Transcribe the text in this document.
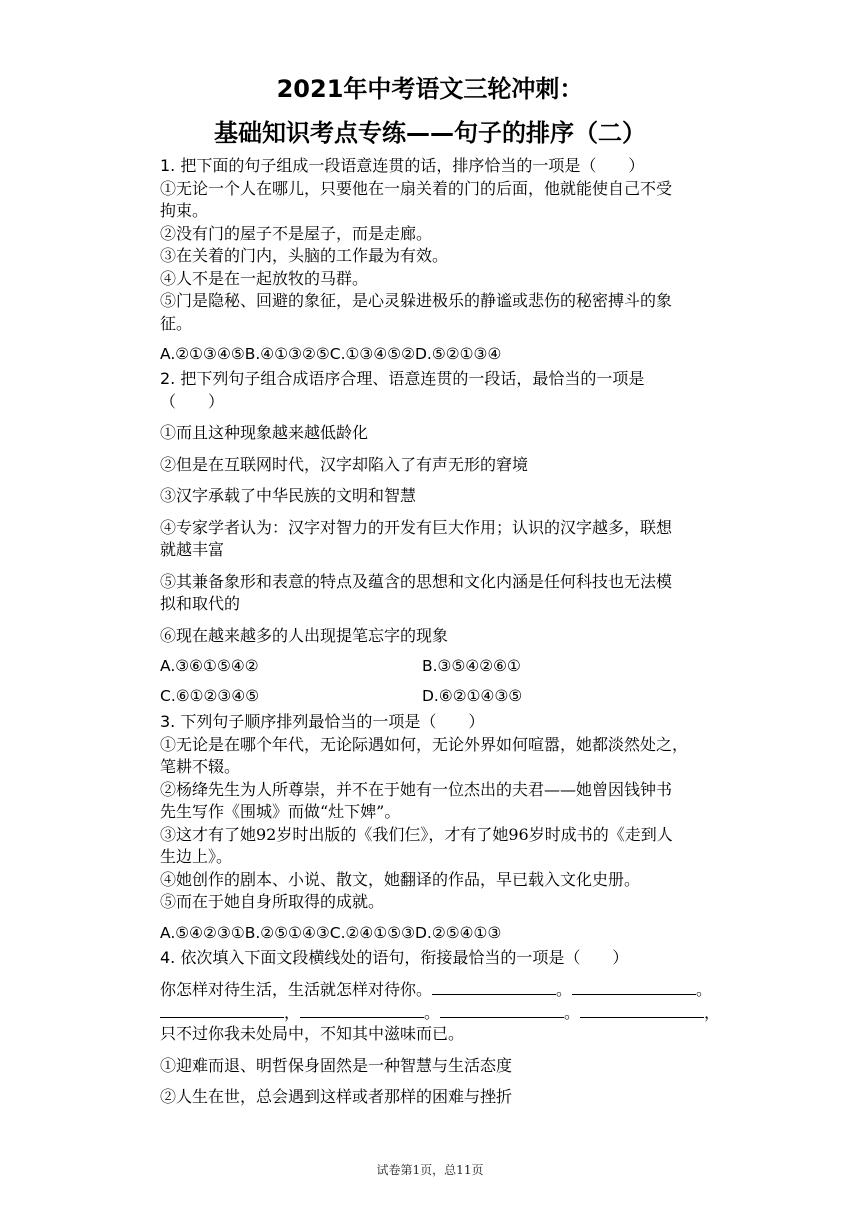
2021年中考语文三轮冲刺：
基础知识考点专练——句子的排序（二）
1. 把下面的句子组成一段语意连贯的话，排序恰当的一项是（　　）
①无论一个人在哪儿，只要他在一扇关着的门的后面，他就能使自己不受
拘束。
②没有门的屋子不是屋子，而是走廊。
③在关着的门内，头脑的工作最为有效。
④人不是在一起放牧的马群。
⑤门是隐秘、回避的象征，是心灵躲进极乐的静谧或悲伤的秘密搏斗的象
征。
A.②①③④⑤B.④①③②⑤C.①③④⑤②D.⑤②①③④
2. 把下列句子组合成语序合理、语意连贯的一段话，最恰当的一项是
（　　）
①而且这种现象越来越低龄化
②但是在互联网时代，汉字却陷入了有声无形的窘境
③汉字承载了中华民族的文明和智慧
④专家学者认为：汉字对智力的开发有巨大作用；认识的汉字越多，联想
就越丰富
⑤其兼备象形和表意的特点及蕴含的思想和文化内涵是任何科技也无法模
拟和取代的
⑥现在越来越多的人出现提笔忘字的现象
A.③⑥①⑤④②	B.③⑤④②⑥①
C.⑥①②③④⑤	D.⑥②①④③⑤
3. 下列句子顺序排列最恰当的一项是（　　）
①无论是在哪个年代，无论际遇如何，无论外界如何喧嚣，她都淡然处之，
笔耕不辍。
②杨绛先生为人所尊崇，并不在于她有一位杰出的夫君——她曾因钱钟书
先生写作《围城》而做“灶下婢”。
③这才有了她92岁时出版的《我们仨》，才有了她96岁时成书的《走到人
生边上》。
④她创作的剧本、小说、散文，她翻译的作品，早已载入文化史册。
⑤而在于她自身所取得的成就。
A.⑤④②③①B.②⑤①④③C.②④①⑤③D.②⑤④①③
4. 依次填入下面文段横线处的语句，衔接最恰当的一项是（　　）
你怎样对待生活，生活就怎样对待你。	。	。
，	。	。	，
只不过你我未处局中，不知其中滋味而已。
①迎难而退、明哲保身固然是一种智慧与生活态度
②人生在世，总会遇到这样或者那样的困难与挫折
试卷第1页，总11页
